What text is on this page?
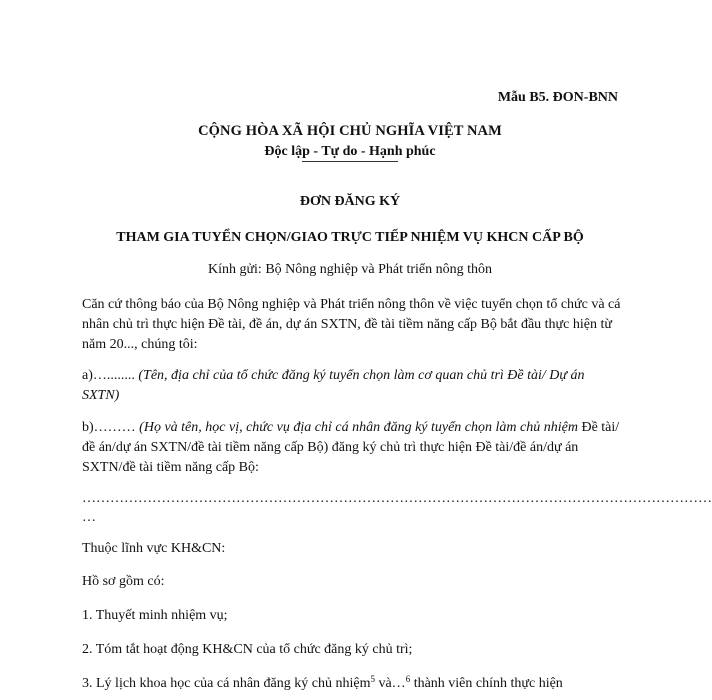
Mẫu B5. ĐON-BNN
CỘNG HÒA XÃ HỘI CHỦ NGHĨA VIỆT NAM
Độc lập - Tự do - Hạnh phúc
ĐƠN ĐĂNG KÝ
THAM GIA TUYỂN CHỌN/GIAO TRỰC TIẾP NHIỆM VỤ KHCN CẤP BỘ
Kính gửi: Bộ Nông nghiệp và Phát triển nông thôn
Căn cứ thông báo của Bộ Nông nghiệp và Phát triển nông thôn về việc tuyển chọn tổ chức và cá nhân chủ trì thực hiện Đề tài, đề án, dự án SXTN, đề tài tiềm năng cấp Bộ bắt đầu thực hiện từ năm 20..., chúng tôi:
a)…........ (Tên, địa chỉ của tổ chức đăng ký tuyển chọn làm cơ quan chủ trì Đề tài/ Dự án SXTN)
b)……… (Họ và tên, học vị, chức vụ địa chỉ cá nhân đăng ký tuyển chọn làm chủ nhiệm Đề tài/đề án/dự án SXTN/đề tài tiềm năng cấp Bộ) đăng ký chủ trì thực hiện Đề tài/đề án/dự án SXTN/đề tài tiềm năng cấp Bộ:
………………………………………………………………………………………………………………………
…
Thuộc lĩnh vực KH&CN:
Hồ sơ gồm có:
1. Thuyết minh nhiệm vụ;
2. Tóm tắt hoạt động KH&CN của tổ chức đăng ký chủ trì;
3. Lý lịch khoa học của cá nhân đăng ký chủ nhiệm$^5$ và…$^6$ thành viên chính thực hiện
